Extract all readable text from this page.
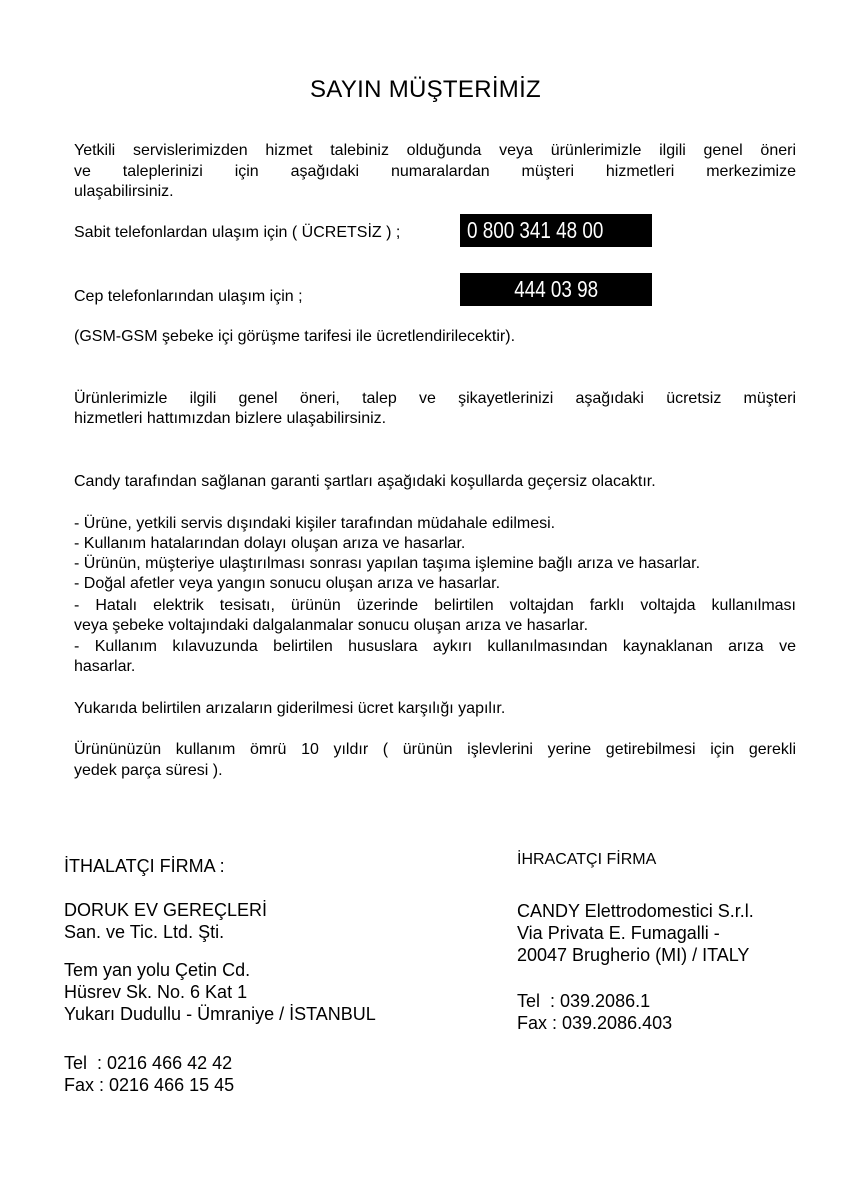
SAYIN MÜŞTERİMİZ
Yetkili servislerimizden hizmet talebiniz olduğunda veya ürünlerimizle ilgili genel öneri
ve taleplerinizi için aşağıdaki numaralardan müşteri hizmetleri merkezimize
ulaşabilirsiniz.
Sabit telefonlardan ulaşım için ( ÜCRETSİZ ) ;	0 800 341 48 00
Cep telefonlarından ulaşım için ;	444 03 98
(GSM-GSM şebeke içi görüşme tarifesi ile ücretlendirilecektir).
Ürünlerimizle ilgili genel öneri, talep ve şikayetlerinizi aşağıdaki ücretsiz müşteri
hizmetleri hattımızdan bizlere ulaşabilirsiniz.
Candy tarafından sağlanan garanti şartları aşağıdaki koşullarda geçersiz olacaktır.
- Ürüne, yetkili servis dışındaki kişiler tarafından müdahale edilmesi.
- Kullanım hatalarından dolayı oluşan arıza ve hasarlar.
- Ürünün, müşteriye ulaştırılması sonrası yapılan taşıma işlemine bağlı arıza ve hasarlar.
- Doğal afetler veya yangın sonucu oluşan arıza ve hasarlar.
- Hatalı elektrik tesisatı, ürünün üzerinde belirtilen voltajdan farklı voltajda kullanılması
veya şebeke voltajındaki dalgalanmalar sonucu oluşan arıza ve hasarlar.
- Kullanım kılavuzunda belirtilen hususlara aykırı kullanılmasından kaynaklanan arıza ve
hasarlar.
Yukarıda belirtilen arızaların giderilmesi ücret karşılığı yapılır.
Ürününüzün kullanım ömrü 10 yıldır ( ürünün işlevlerini yerine getirebilmesi için gerekli
yedek parça süresi ).

İTHALATÇI FİRMA :

DORUK EV GEREÇLERİ

San. ve Tic. Ltd. Şti.

Tem yan yolu Çetin Cd.

Hüsrev Sk. No. 6 Kat 1

Yukarı Dudullu - Ümraniye / İSTANBUL

Tel  : 0216 466 42 42

Fax : 0216 466 15 45

İHRACATÇI FİRMA

CANDY Elettrodomestici S.r.l.

Via Privata E. Fumagalli -

20047 Brugherio (MI) / ITALY

Tel  : 039.2086.1

Fax : 039.2086.403
